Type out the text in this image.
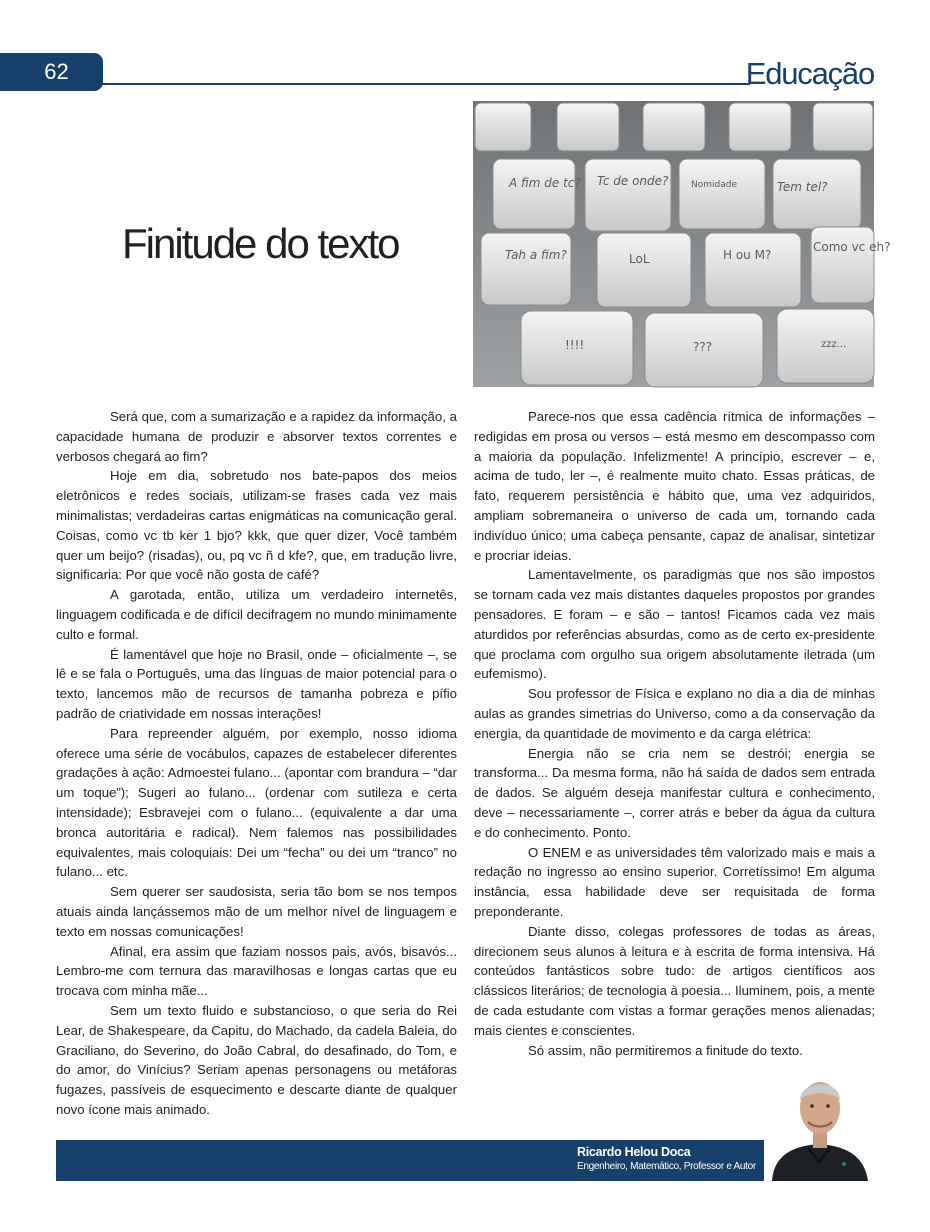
62	Educação
Finitude do texto
A fim de tc? Tc de onde?	Nomidade	Tem tel?
Tah a fim?	LoL	H ou M?
Como vc eh?
!!!!	???	zzz...

Será que, com a sumarização e a rapidez da informação, a capacidade humana de produzir e absorver textos correntes e verbosos chegará ao fim?

Hoje em dia, sobretudo nos bate-papos dos meios eletrônicos e redes sociais, utilizam-se frases cada vez mais minimalistas; verdadeiras cartas enigmáticas na comunicação geral. Coisas, como vc tb ker 1 bjo? kkk, que quer dizer, Você também quer um beijo? (risadas), ou, pq vc ñ d kfe?, que, em tradução livre, significaria: Por que você não gosta de café?

A garotada, então, utiliza um verdadeiro internetês, linguagem codificada e de difícil decifragem no mundo minimamente culto e formal.

É lamentável que hoje no Brasil, onde – oficialmente –, se lê e se fala o Português, uma das línguas de maior potencial para o texto, lancemos mão de recursos de tamanha pobreza e pífio padrão de criatividade em nossas interações!

Para repreender alguém, por exemplo, nosso idioma oferece uma série de vocábulos, capazes de estabelecer diferentes gradações à ação: Admoestei fulano... (apontar com brandura – “dar um toque”); Sugeri ao fulano... (ordenar com sutileza e certa intensidade); Esbravejei com o fulano... (equivalente a dar uma bronca autoritária e radical). Nem falemos nas possibilidades equivalentes, mais coloquiais: Dei um “fecha” ou dei um “tranco” no fulano... etc.

Sem querer ser saudosista, seria tão bom se nos tempos atuais ainda lançássemos mão de um melhor nível de linguagem e texto em nossas comunicações!

Afinal, era assim que faziam nossos pais, avós, bisavós... Lembro-me com ternura das maravilhosas e longas cartas que eu trocava com minha mãe...

Sem um texto fluido e substancioso, o que seria do Rei Lear, de Shakespeare, da Capitu, do Machado, da cadela Baleia, do Graciliano, do Severino, do João Cabral, do desafinado, do Tom, e do amor, do Vinícius? Seriam apenas personagens ou metáforas fugazes, passíveis de esquecimento e descarte diante de qualquer novo ícone mais animado.

Parece-nos que essa cadência rítmica de informações – redigidas em prosa ou versos – está mesmo em descompasso com a maioria da população. Infelizmente! A princípio, escrever – e, acima de tudo, ler –, é realmente muito chato. Essas práticas, de fato, requerem persistência e hábito que, uma vez adquiridos, ampliam sobremaneira o universo de cada um, tornando cada indivíduo único; uma cabeça pensante, capaz de analisar, sintetizar e procriar ideias.

Lamentavelmente, os paradigmas que nos são impostos se tornam cada vez mais distantes daqueles propostos por grandes pensadores. E foram – e são – tantos! Ficamos cada vez mais aturdidos por referências absurdas, como as de certo ex-presidente que proclama com orgulho sua origem absolutamente iletrada (um eufemismo).

Sou professor de Física e explano no dia a dia de minhas aulas as grandes simetrias do Universo, como a da conservação da energia, da quantidade de movimento e da carga elétrica:

Energia não se cria nem se destrói; energia se transforma... Da mesma forma, não há saída de dados sem entrada de dados. Se alguém deseja manifestar cultura e conhecimento, deve – necessariamente –, correr atrás e beber da água da cultura e do conhecimento. Ponto.

O ENEM e as universidades têm valorizado mais e mais a redação no ingresso ao ensino superior. Corretíssimo! Em alguma instância, essa habilidade deve ser requisitada de forma preponderante.

Diante disso, colegas professores de todas as áreas, direcionem seus alunos à leitura e à escrita de forma intensiva. Há conteúdos fantásticos sobre tudo: de artigos científicos aos clássicos literários; de tecnologia à poesia... Iluminem, pois, a mente de cada estudante com vistas a formar gerações menos alienadas; mais cientes e conscientes.

Só assim, não permitiremos a finitude do texto.

Ricardo Helou Doca
Engenheiro, Matemático, Professor e Autor
